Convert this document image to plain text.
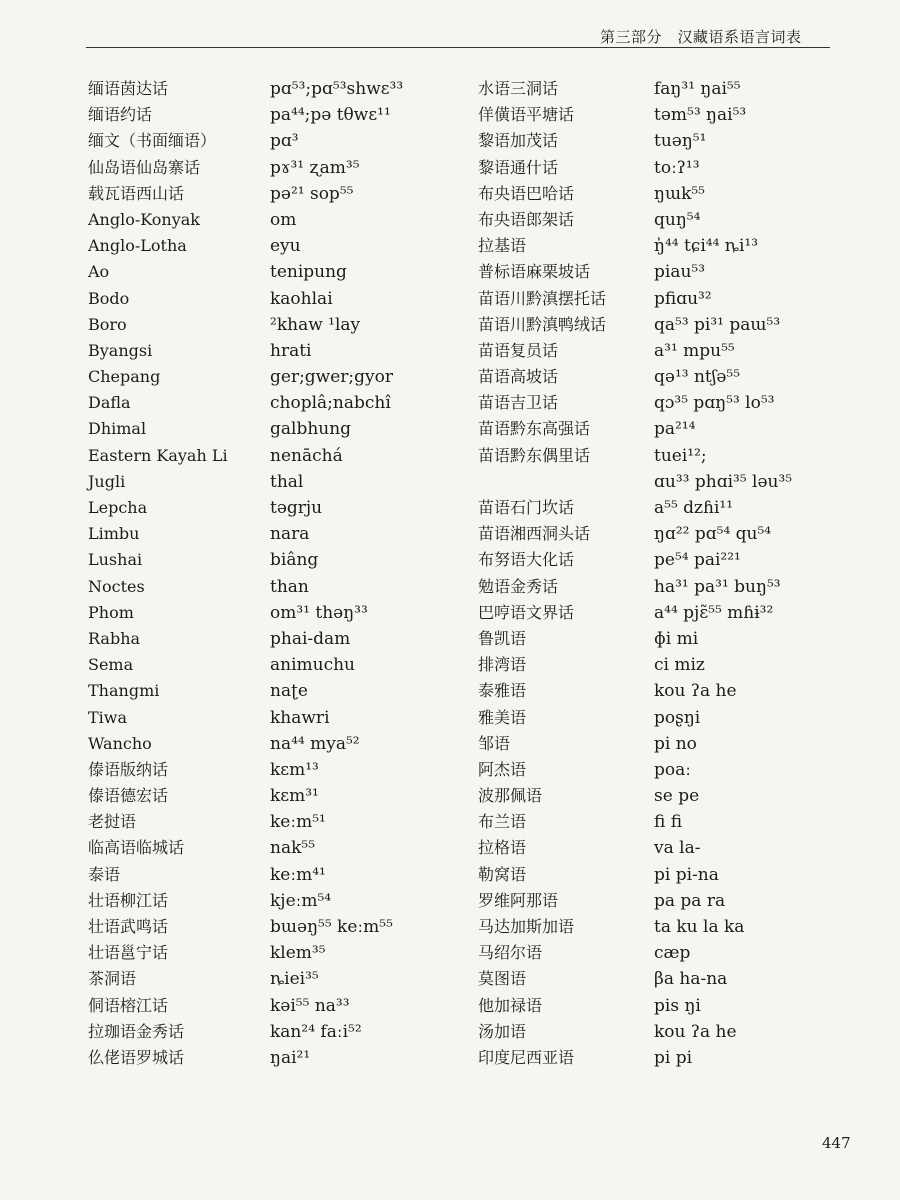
第三部分　汉藏语系语言词表
缅语茵达话
缅语约话
缅文（书面缅语）
仙岛语仙岛寨话
载瓦语西山话
Anglo-Konyak
Anglo-Lotha
Ao
Bodo
Boro
Byangsi
Chepang
Dafla
Dhimal
Eastern Kayah Li
Jugli
Lepcha
Limbu
Lushai
Noctes
Phom
Rabha
Sema
Thangmi
Tiwa
Wancho
傣语版纳话
傣语德宏话
老挝语
临高语临城话
泰语
壮语柳江话
壮语武鸣话
壮语邕宁话
茶洞语
侗语榕江话
拉珈语金秀话
仫佬语罗城话
pɑ⁵³;pɑ⁵³shwɛ³³
pa⁴⁴;pə tθwɛ¹¹
pɑ³
pɤ³¹ ʐam³⁵
pə²¹ sop⁵⁵
om
eyu
tenipung
kaohlai
²khaw ¹lay
hrati
ger;gwer;gyor
choplâ;nabchî
galbhung
nenāchá
thal
təgrju
nara
biâng
than
om³¹ thəŋ³³
phai-dam
animuchu
naʈe
khawri
na⁴⁴ mya⁵²
kɛm¹³
kɛm³¹
keːm⁵¹
nak⁵⁵
keːm⁴¹
kjeːm⁵⁴
bɯəŋ⁵⁵ keːm⁵⁵
klem³⁵
ȵiei³⁵
kəi⁵⁵ na³³
kan²⁴ faːi⁵²
ŋai²¹
水语三洞话
佯僙语平塘话
黎语加茂话
黎语通什话
布央语巴哈话
布央语郎架话
拉基语
普标语麻栗坡话
苗语川黔滇摆托话
苗语川黔滇鸭绒话
苗语复员话
苗语高坡话
苗语吉卫话
苗语黔东高强话
苗语黔东偶里话
苗语石门坎话
苗语湘西洞头话
布努语大化话
勉语金秀话
巴哼语文界话
鲁凯语
排湾语
泰雅语
雅美语
邹语
阿杰语
波那佩语
布兰语
拉格语
勒窝语
罗维阿那语
马达加斯加语
马绍尔语
莫图语
他加禄语
汤加语
印度尼西亚语
faŋ³¹ ŋai⁵⁵
təm⁵³ ŋai⁵³
tuəŋ⁵¹
toːʔ¹³
ŋɯk⁵⁵
quŋ⁵⁴
ŋ̍⁴⁴ tɕi⁴⁴ ȵi¹³
piau⁵³
pfiɑu³²
qa⁵³ pi³¹ paɯ⁵³
a³¹ mpu⁵⁵
qə¹³ ntʃə⁵⁵
qɔ³⁵ pɑŋ⁵³ lo⁵³
pa²¹⁴
tuei¹²;
ɑu³³ phɑi³⁵ ləu³⁵
a⁵⁵ dzɦi¹¹
ŋɑ²² pɑ⁵⁴ qu⁵⁴
pe⁵⁴ pai²²¹
ha³¹ pa³¹ buŋ⁵³
a⁴⁴ pjɛ̃⁵⁵ mɦɨ³²
ɸi mi
ci miz
kou ʔa he
poʂŋi
pi no
poaː
se pe
fi fi
va la-
pi pi-na
pa pa ra
ta ku la ka
cæp
βa ha-na
pis ŋi
kou ʔa he
pi pi
447
